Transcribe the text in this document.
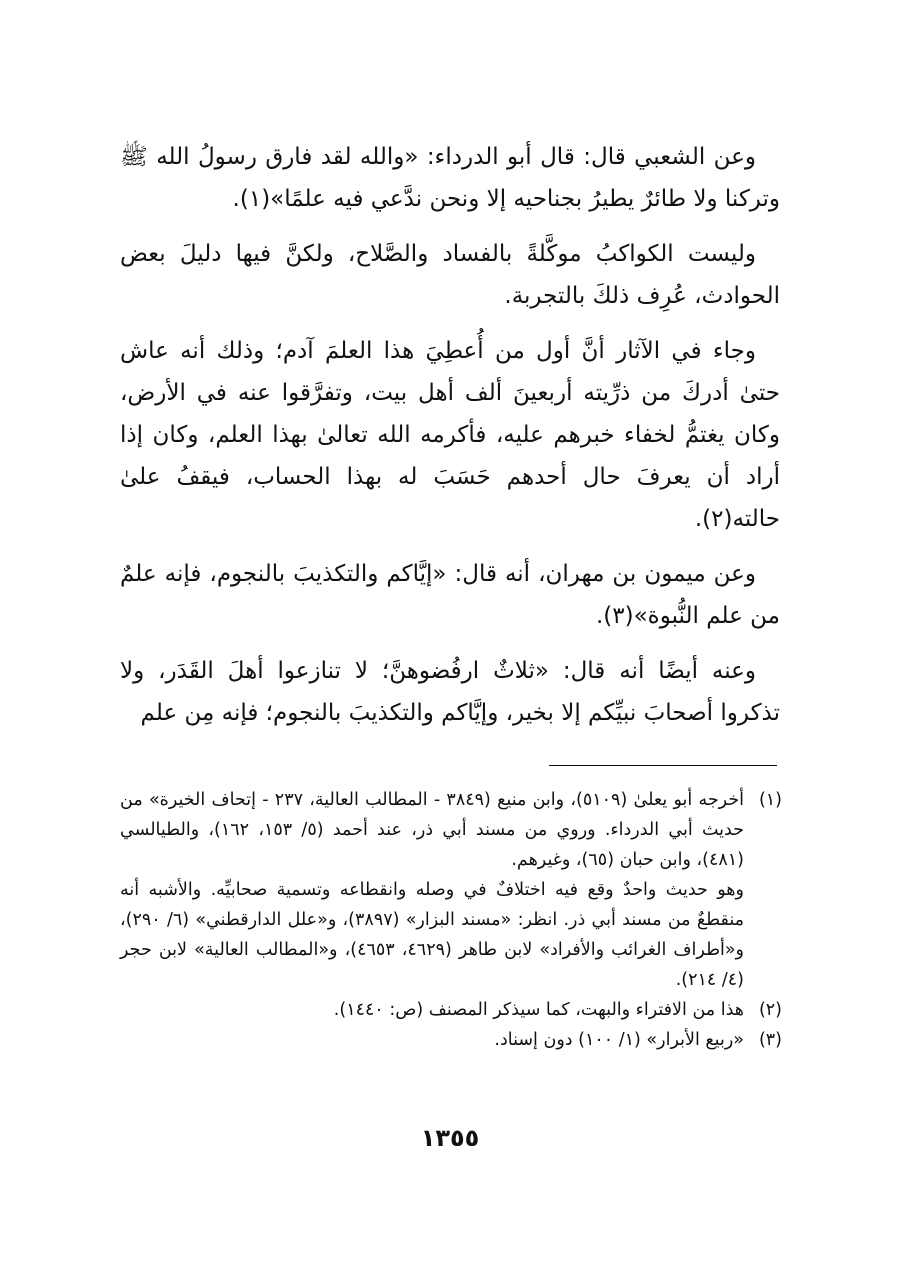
وعن الشعبي قال: قال أبو الدرداء: «والله لقد فارق رسولُ الله ﷺ وتركنا ولا طائرٌ يطيرُ بجناحيه إلا ونحن ندَّعي فيه علمًا»(١).

وليست الكواكبُ موكَّلةً بالفساد والصَّلاح، ولكنَّ فيها دليلَ بعض الحوادث، عُرِف ذلكَ بالتجربة.

وجاء في الآثار أنَّ أول من أُعطِيَ هذا العلمَ آدم؛ وذلك أنه عاش حتىٰ أدركَ من ذرِّيته أربعينَ ألف أهل بيت، وتفرَّقوا عنه في الأرض، وكان يغتمُّ لخفاء خبرهم عليه، فأكرمه الله تعالىٰ بهذا العلم، وكان إذا أراد أن يعرفَ حال أحدهم حَسَبَ له بهذا الحساب، فيقفُ علىٰ حالته(٢).

وعن ميمون بن مهران، أنه قال: «إيَّاكم والتكذيبَ بالنجوم، فإنه علمٌ من علم النُّبوة»(٣).

وعنه أيضًا أنه قال: «ثلاثٌ ارفُضوهنَّ؛ لا تنازعوا أهلَ القَدَر، ولا تذكروا أصحابَ نبيِّكم إلا بخير، وإيَّاكم والتكذيبَ بالنجوم؛ فإنه مِن علم

(١)

أخرجه أبو يعلىٰ (٥١٠٩)، وابن منيع (٣٨٤٩ - المطالب العالية، ٢٣٧ - إتحاف الخيرة» من حديث أبي الدرداء. وروي من مسند أبي ذر، عند أحمد (٥/ ١٥٣، ١٦٢)، والطيالسي (٤٨١)، وابن حبان (٦٥)، وغيرهم.

وهو حديث واحدٌ وقع فيه اختلافٌ في وصله وانقطاعه وتسمية صحابيِّه. والأشبه أنه منقطعٌ من مسند أبي ذر. انظر: «مسند البزار» (٣٨٩٧)، و«علل الدارقطني» (٦/ ٢٩٠)، و«أطراف الغرائب والأفراد» لابن طاهر (٤٦٢٩، ٤٦٥٣)، و«المطالب العالية» لابن حجر (٤/ ٢١٤).

(٢)

هذا من الافتراء والبهت، كما سيذكر المصنف (ص: ١٤٤٠).

(٣)

«ربيع الأبرار» (١/ ١٠٠) دون إسناد.

١٣٥٥
